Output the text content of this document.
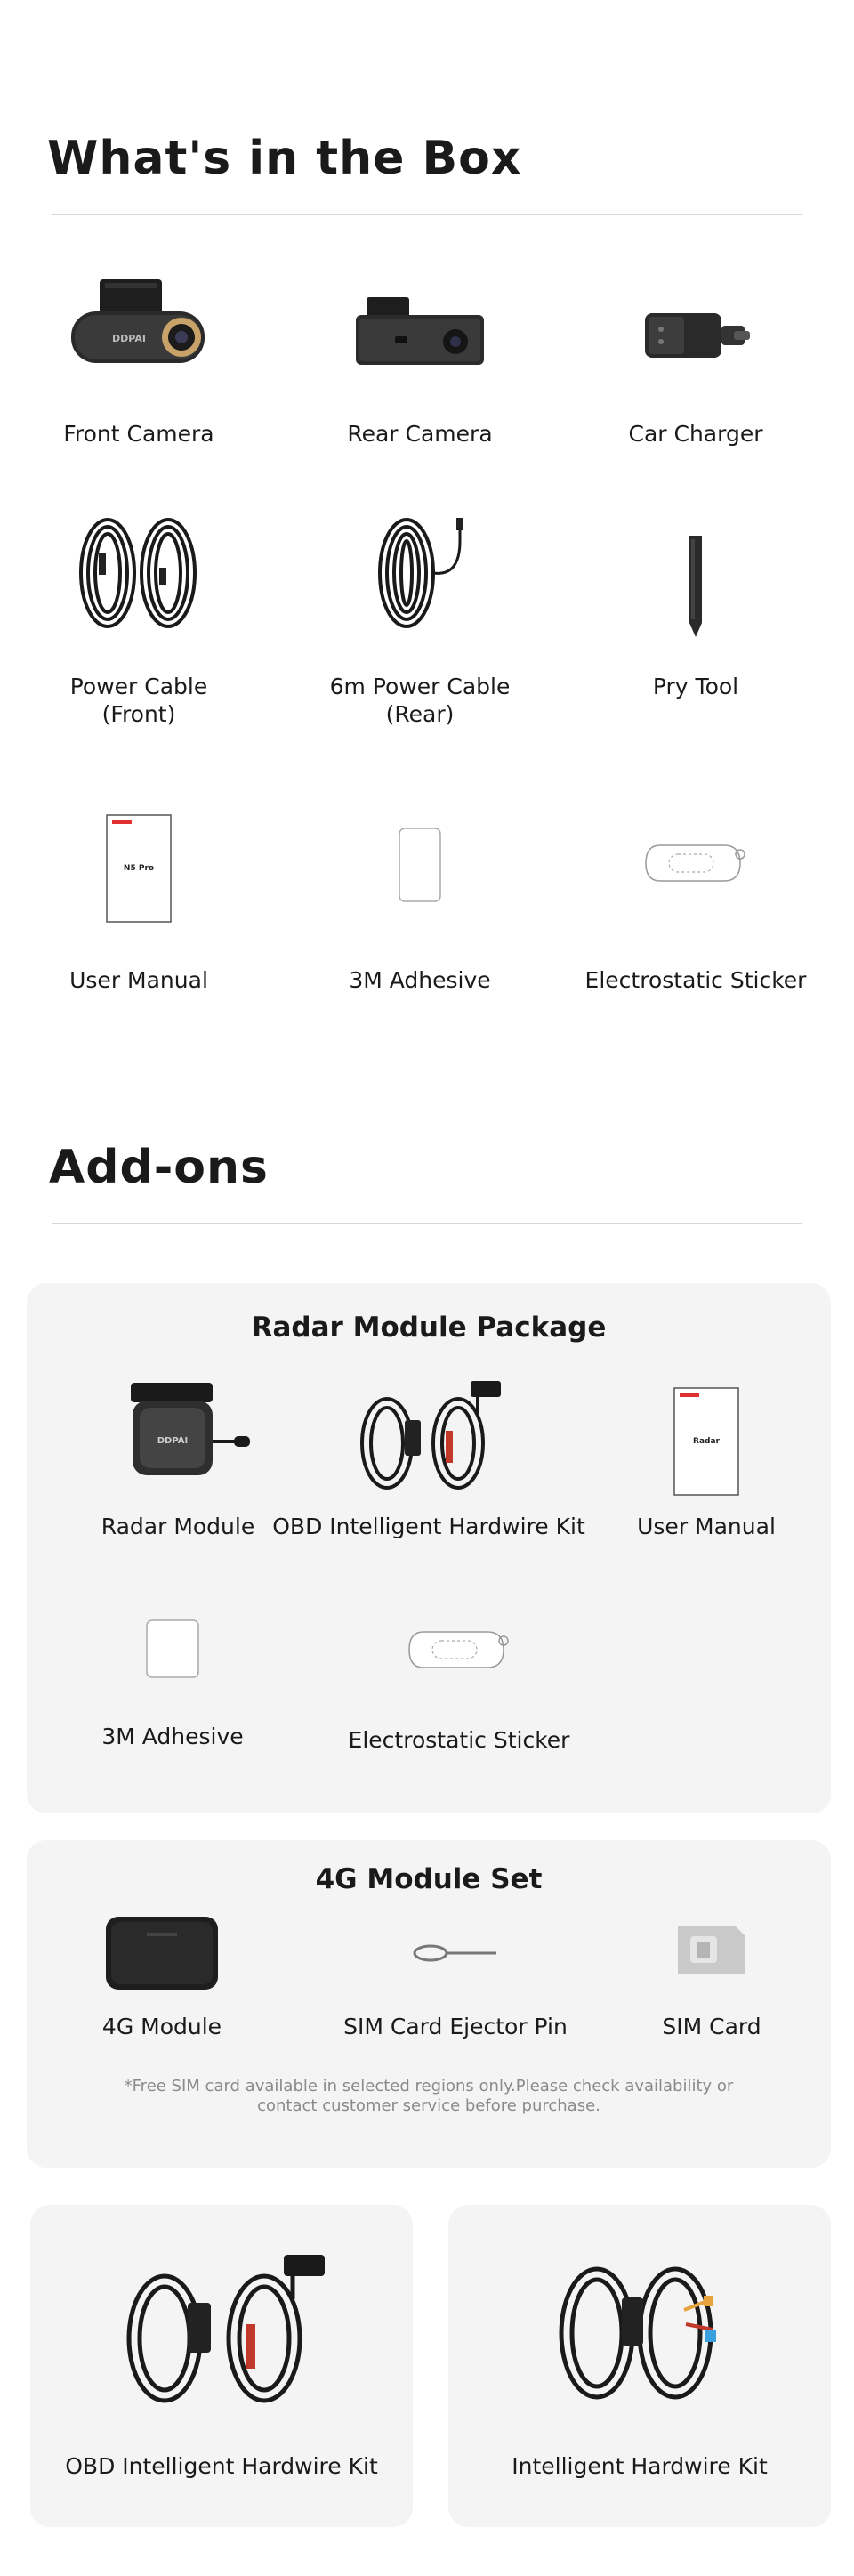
What's in the Box
DDPAI
Front Camera	Rear Camera	Car Charger
Power Cable
(Front)
6m Power Cable
(Rear)
Pry Tool
N5 Pro
User Manual	3M Adhesive	Electrostatic Sticker
Add-ons
Radar Module Package
DDPAI
Radar Module OBD Intelligent Hardwire Kit
Radar
User Manual
3M Adhesive	Electrostatic Sticker
4G Module Set
4G Module	SIM Card Ejector Pin	SIM Card
*Free SIM card available in selected regions only.Please check availability or contact customer service before purchase.
OBD Intelligent Hardwire Kit	Intelligent Hardwire Kit
